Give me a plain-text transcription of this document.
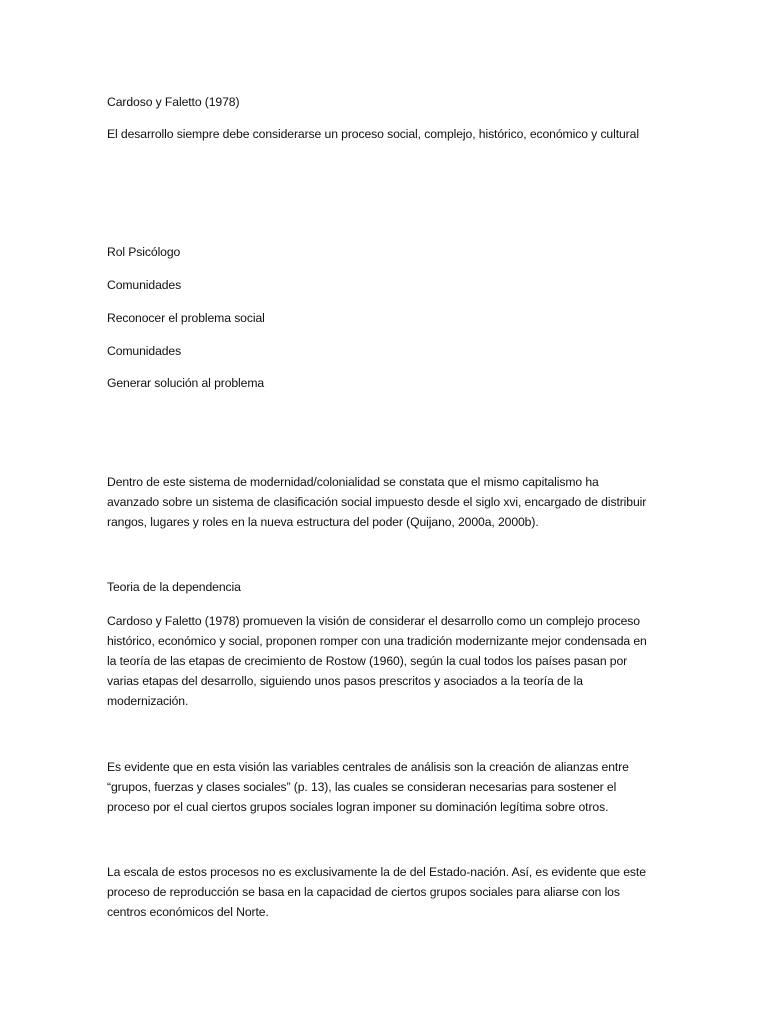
Cardoso y Faletto (1978)

El desarrollo siempre debe considerarse un proceso social, complejo, histórico, económico y cultural

Rol Psicólogo

Comunidades

Reconocer el problema social

Comunidades

Generar solución al problema

Dentro de este sistema de modernidad/colonialidad se constata que el mismo capitalismo ha avanzado sobre un sistema de clasificación social impuesto desde el siglo xvi, encargado de distribuir rangos, lugares y roles en la nueva estructura del poder (Quijano, 2000a, 2000b).

Teoria de la dependencia

Cardoso y Faletto (1978) promueven la visión de considerar el desarrollo como un complejo proceso histórico, económico y social, proponen romper con una tradición modernizante mejor condensada en la teoría de las etapas de crecimiento de Rostow (1960), según la cual todos los países pasan por varias etapas del desarrollo, siguiendo unos pasos prescritos y asociados a la teoría de la modernización.

Es evidente que en esta visión las variables centrales de análisis son la creación de alianzas entre “grupos, fuerzas y clases sociales” (p. 13), las cuales se consideran necesarias para sostener el proceso por el cual ciertos grupos sociales logran imponer su dominación legítima sobre otros.

La escala de estos procesos no es exclusivamente la de del Estado-nación. Así, es evidente que este proceso de reproducción se basa en la capacidad de ciertos grupos sociales para aliarse con los centros económicos del Norte.
